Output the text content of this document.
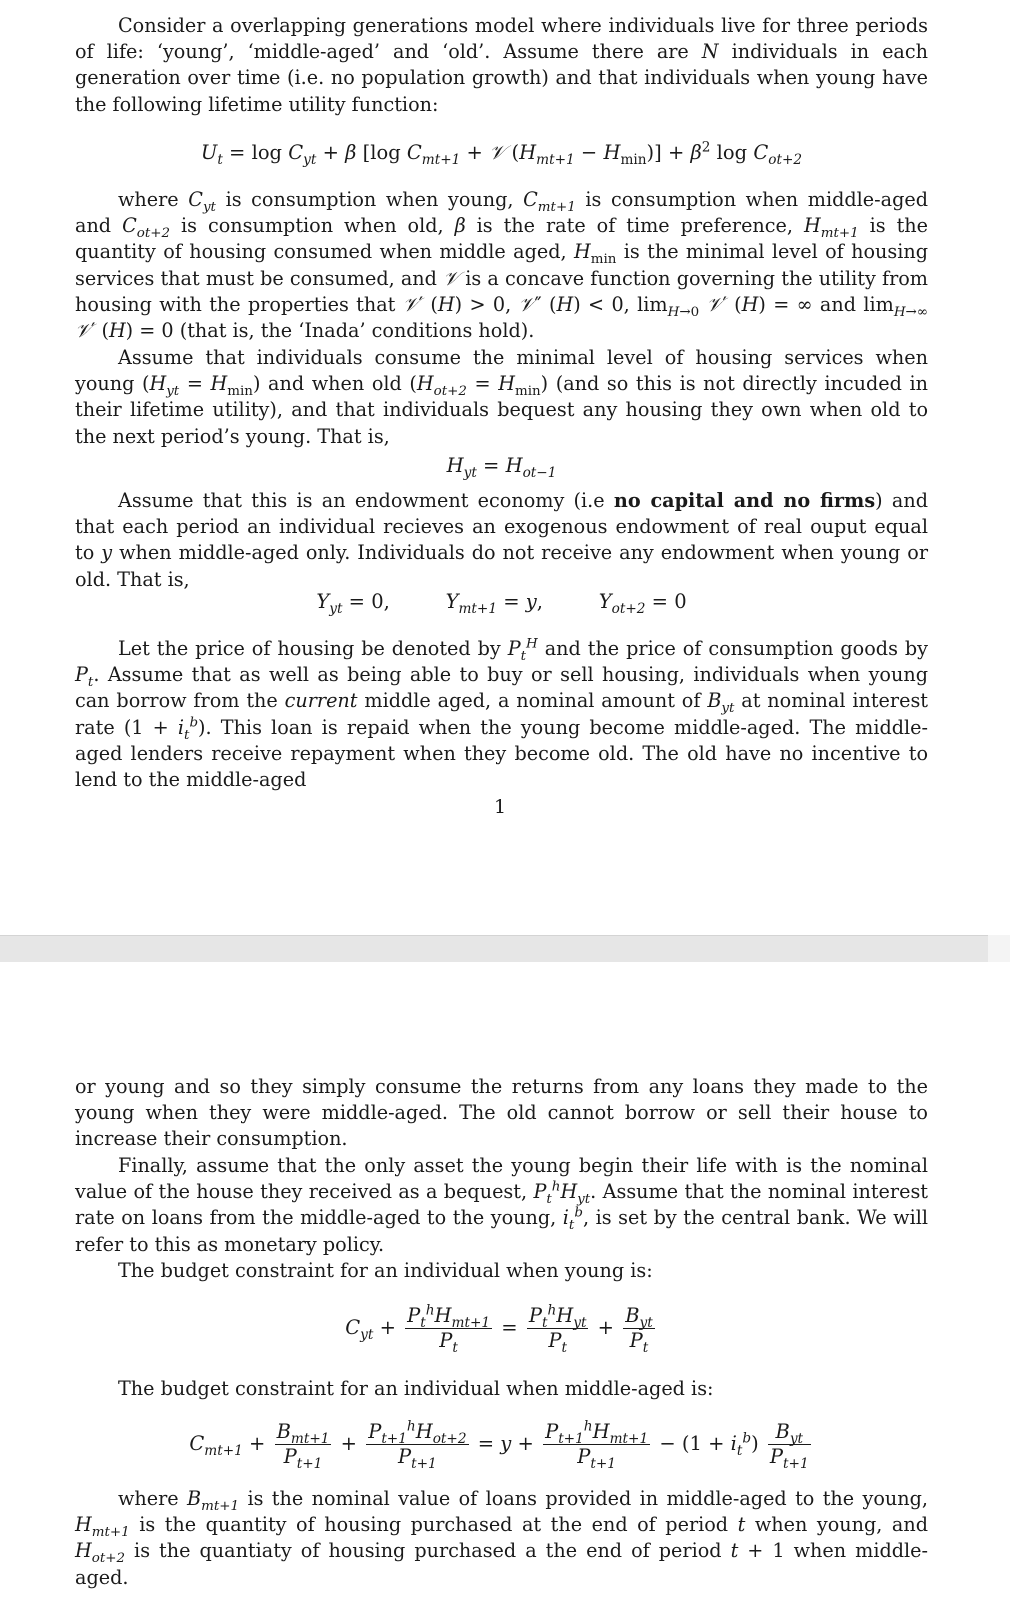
Consider a overlapping generations model where individuals live for three periods of life: ‘young’, ‘middle-aged’ and ‘old’. Assume there are N individuals in each generation over time (i.e. no population growth) and that individuals when young have the following lifetime utility function:

$U_t = \log C_{yt} + \beta$ [log $C_{mt+1}$ + 𝒱 $(H_{mt+1} - H_{min})] + \beta^2$ $\log C_{ot+2}$

where $C_{yt}$ is consumption when young, $C_{mt+1}$ is consumption when middle-aged and $C_{ot+2}$ is consumption when old, β is the rate of time preference, $H_{mt+1}$ is the quantity of housing consumed when middle aged, $H_{min}$ is the minimal level of housing services that must be consumed, and 𝒱 is a concave function governing the utility from housing with the properties that 𝒱′ (H) > 0, 𝒱″ (H) < 0, $\lim_{H\to 0}$ 𝒱′ (H) = ∞ and $\lim_{H\to\infty}$ 𝒱′ (H) = 0 (that is, the ‘Inada’ conditions hold).

Assume that individuals consume the minimal level of housing services when young $(H_{yt} = H_{min})$ and when old $(H_{ot+2} = H_{min})$ (and so this is not directly incuded in their lifetime utility), and that individuals bequest any housing they own when old to the next period’s young. That is,

$H_{yt} = H_{ot-1}$

Assume that this is an endowment economy (i.e no capital and no firms) and that each period an individual recieves an exogenous endowment of real ouput equal to y when middle-aged only. Individuals do not receive any endowment when young or old. That is,

$Y_{yt} = 0$,         $Y_{mt+1} = y$,         $Y_{ot+2} = 0$

Let the price of housing be denoted by $P_t^H$ and the price of consumption goods by $P_t$. Assume that as well as being able to buy or sell housing, individuals when young can borrow from the current middle aged, a nominal amount of $B_{yt}$ at nominal interest rate $(1 + i_t^b)$. This loan is repaid when the young become middle-aged. The middle-aged lenders receive repayment when they become old. The old have no incentive to lend to the middle-aged

1

or young and so they simply consume the returns from any loans they made to the young when they were middle-aged. The old cannot borrow or sell their house to increase their consumption.

Finally, assume that the only asset the young begin their life with is the nominal value of the house they received as a bequest, $P_t^hH_{yt}$. Assume that the nominal interest rate on loans from the middle-aged to the young, $i_t^b$, is set by the central bank. We will refer to this as monetary policy.

The budget constraint for an individual when young is:

$C_{yt} + \frac{P_t^hH_{mt+1}}{P_t} = \frac{P_t^hH_{yt}}{P_t} + \frac{B_{yt}}{P_t}$

The budget constraint for an individual when middle-aged is:

$C_{mt+1} + \frac{B_{mt+1}}{P_{t+1}} + \frac{P_{t+1}^hH_{ot+2}}{P_{t+1}} = y + \frac{P_{t+1}^hH_{mt+1}}{P_{t+1}} - (1 + i_t^b) \frac{B_{yt}}{P_{t+1}}$

where $B_{mt+1}$ is the nominal value of loans provided in middle-aged to the young, $H_{mt+1}$ is the quantity of housing purchased at the end of period t when young, and $H_{ot+2}$ is the quantiaty of housing purchased a the end of period t + 1 when middle-aged.
